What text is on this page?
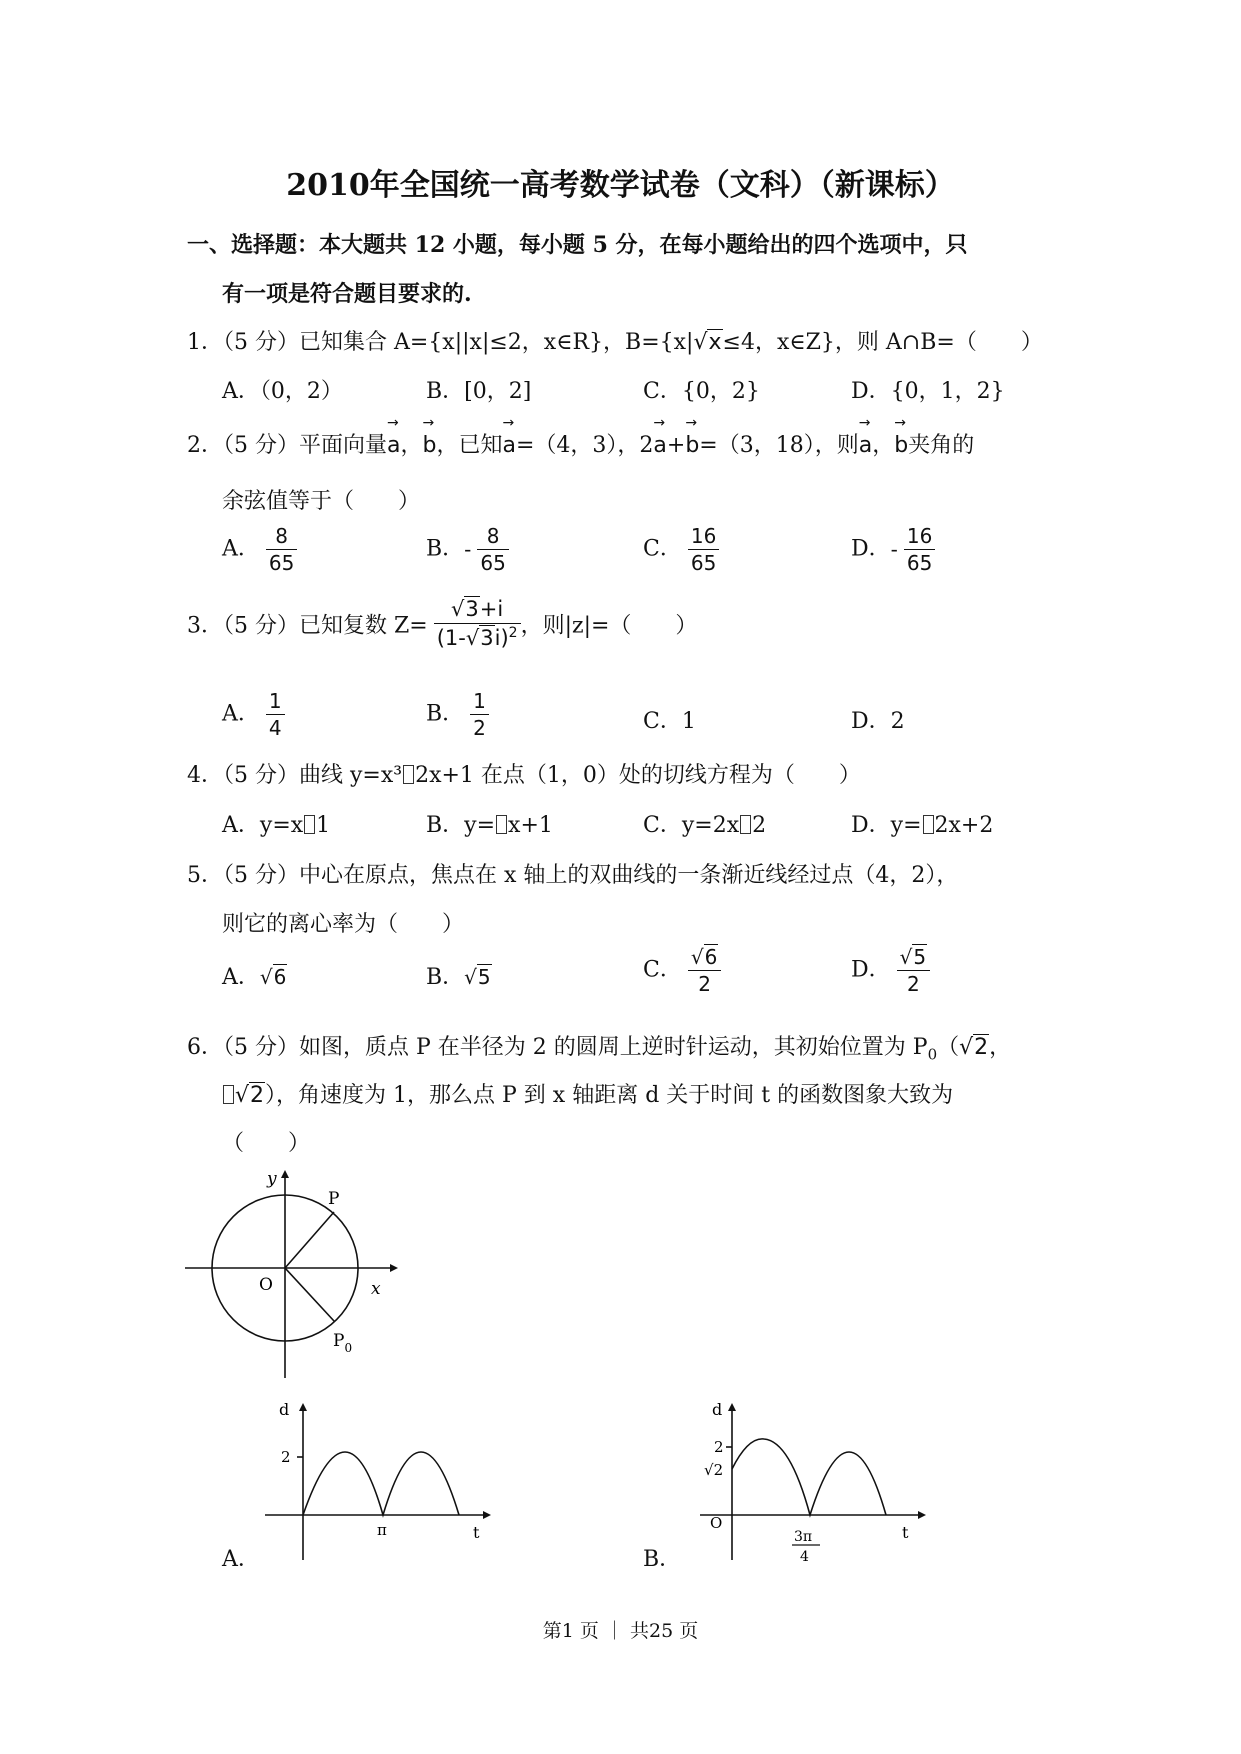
2010年全国统一高考数学试卷（文科）（新课标）
一、选择题：本大题共 12 小题，每小题 5 分，在每小题给出的四个选项中，只
有一项是符合题目要求的.
1．（5 分）已知集合 A={x||x|≤2，x∈R}，B={x|√x≤4，x∈Z}，则 A∩B=（　　）
A．（0，2）	B．[0，2]	C．{0，2}	D．{0，1，2}
2．（5 分）平面向量→ a，→ b，已知→ a=（4，3），2→ a+→ b=（3，18），则→ a，→ b夹角的
余弦值等于（　　）
A． $\frac{8}{65}$	B．- $\frac{8}{65}$	C． $\frac{16}{65}$	D．- $\frac{16}{65}$
3．（5 分）已知复数 $Z= \frac{√3+i}{(1-√3i)^2}$ ，则|z|=（　　）
A． $\frac{1}{4}$	B． $\frac{1}{2}$	C．1	D．2
4．（5 分）曲线 y=x³ 2x+1 在点（1，0）处的切线方程为（　　）
A．y=x 1	B．y= x+1	C．y=2x 2	D．y= 2x+2
5．（5 分）中心在原点，焦点在 x 轴上的双曲线的一条渐近线经过点（4，2），
则它的离心率为（　　）
A．√6	B．√5	C． $\frac{√6}{2}$	D． $\frac{√5}{2}$
6．（5 分）如图，质点 P 在半径为 2 的圆周上逆时针运动，其初始位置为 $P_0(√2$，
√2），角速度为 1，那么点 P 到 x 轴距离 d 关于时间 t 的函数图象大致为
（　　）
y
x
O
P
$P_0$
A．
d
2
π	t
B．
d
2
√2
O
3π
4
t
第1 页 ｜ 共25 页
